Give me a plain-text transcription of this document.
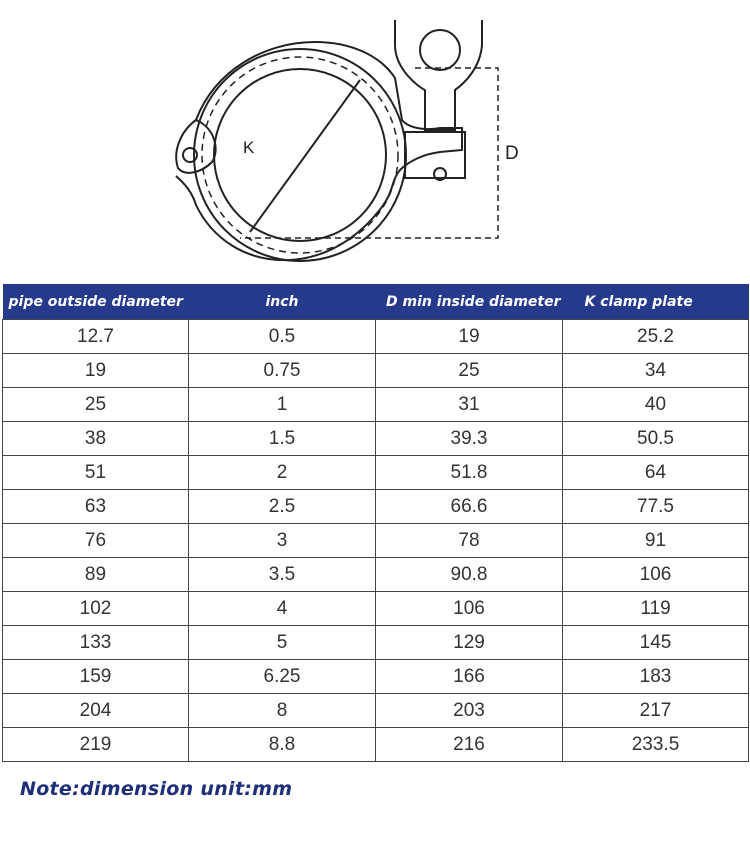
K	D
pipe outside diameter	inch	D min inside diameter	K clamp plate
12.7	0.5	19	25.2
19	0.75	25	34
25	1	31	40
38	1.5	39.3	50.5
51	2	51.8	64
63	2.5	66.6	77.5
76	3	78	91
89	3.5	90.8	106
102	4	106	119
133	5	129	145
159	6.25	166	183
204	8	203	217
219	8.8	216	233.5
Note:dimension unit:mm
